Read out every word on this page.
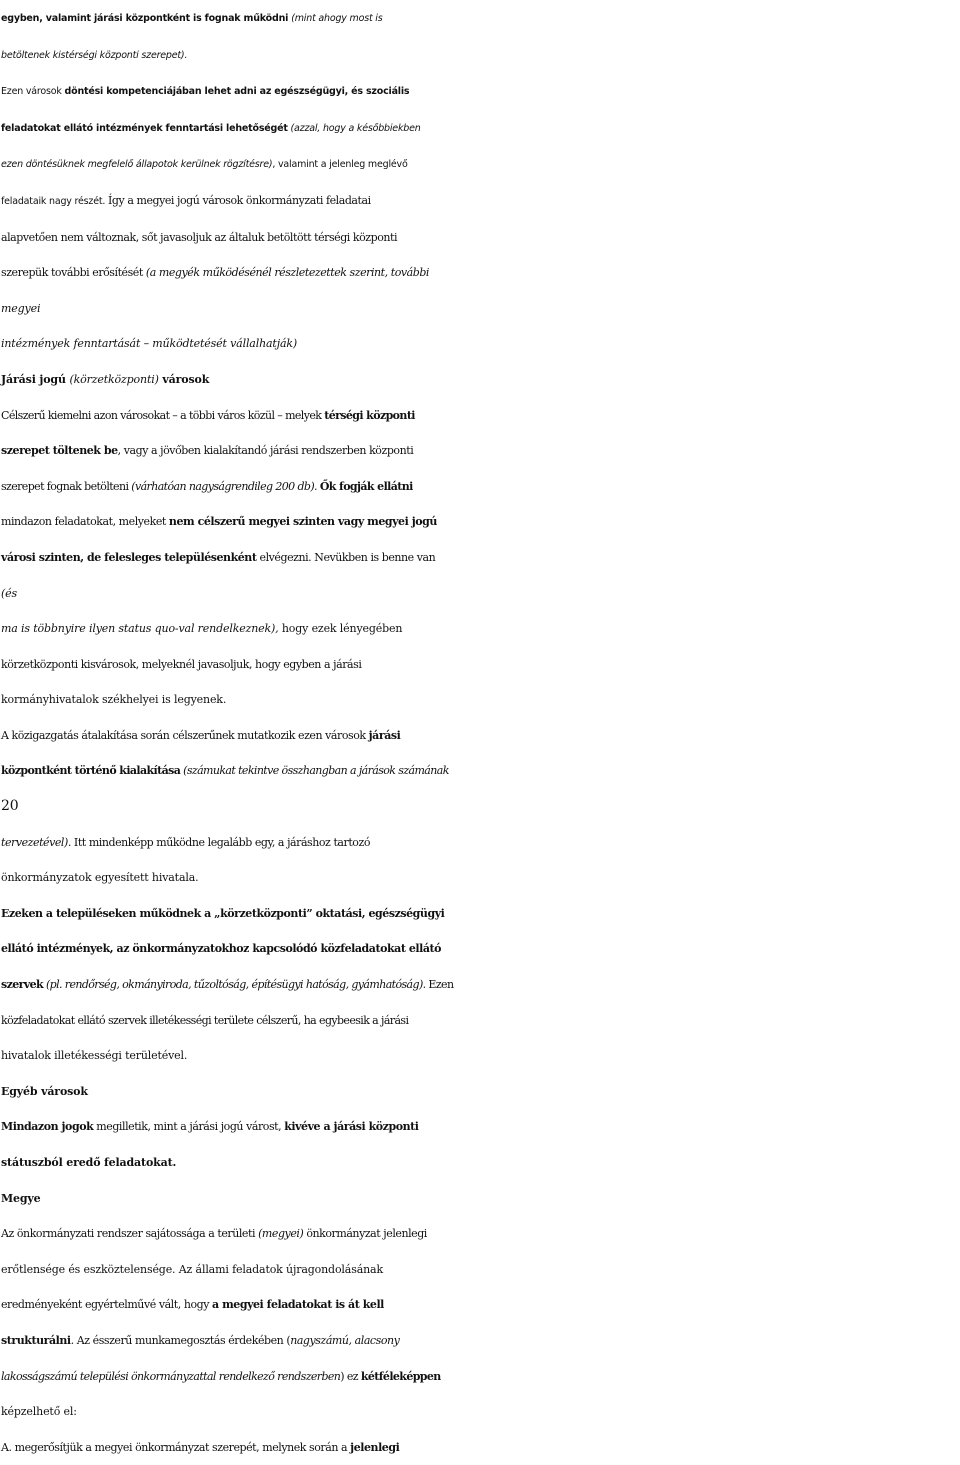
egyben, valamint járási központként is fognak működni (mint ahogy most is
betöltenek kistérségi központi szerepet).
Ezen városok döntési kompetenciájában lehet adni az egészségügyi, és szociális
feladatokat ellátó intézmények fenntartási lehetőségét (azzal, hogy a későbbiekben
ezen döntésüknek megfelelő állapotok kerülnek rögzítésre), valamint a jelenleg meglévő
feladataik nagy részét. Így a megyei jogú városok önkormányzati feladatai
alapvetően nem változnak, sőt javasoljuk az általuk betöltött térségi központi
szerepük további erősítését (a megyék működésénél részletezettek szerint, további
megyei
intézmények fenntartását – működtetését vállalhatják)
Járási jogú (körzetközponti) városok
Célszerű kiemelni azon városokat – a többi város közül – melyek térségi központi
szerepet töltenek be, vagy a jövőben kialakítandó járási rendszerben központi
szerepet fognak betölteni (várhatóan nagyságrendileg 200 db). Ők fogják ellátni
mindazon feladatokat, melyeket nem célszerű megyei szinten vagy megyei jogú
városi szinten, de felesleges településenként elvégezni. Nevükben is benne van
(és
ma is többnyire ilyen status quo-val rendelkeznek), hogy ezek lényegében
körzetközponti kisvárosok, melyeknél javasoljuk, hogy egyben a járási
kormányhivatalok székhelyei is legyenek.
A közigazgatás átalakítása során célszerűnek mutatkozik ezen városok járási
központként történő kialakítása (számukat tekintve összhangban a járások számának
20
tervezetével). Itt mindenképp működne legalább egy, a járáshoz tartozó
önkormányzatok egyesített hivatala.
Ezeken a településeken működnek a „körzetközponti” oktatási, egészségügyi
ellátó intézmények, az önkormányzatokhoz kapcsolódó közfeladatokat ellátó
szervek (pl. rendőrség, okmányiroda, tűzoltóság, építésügyi hatóság, gyámhatóság). Ezen
közfeladatokat ellátó szervek illetékességi területe célszerű, ha egybeesik a járási
hivatalok illetékességi területével.
Egyéb városok
Mindazon jogok megilletik, mint a járási jogú várost, kivéve a járási központi
státuszból eredő feladatokat.
Megye
Az önkormányzati rendszer sajátossága a területi (megyei) önkormányzat jelenlegi
erőtlensége és eszköztelensége. Az állami feladatok újragondolásának
eredményeként egyértelművé vált, hogy a megyei feladatokat is át kell
strukturálni. Az ésszerű munkamegosztás érdekében (nagyszámú, alacsony
lakosságszámú települési önkormányzattal rendelkező rendszerben) ez kétféleképpen
képzelhető el:
A. megerősítjük a megyei önkormányzat szerepét, melynek során a jelenlegi
